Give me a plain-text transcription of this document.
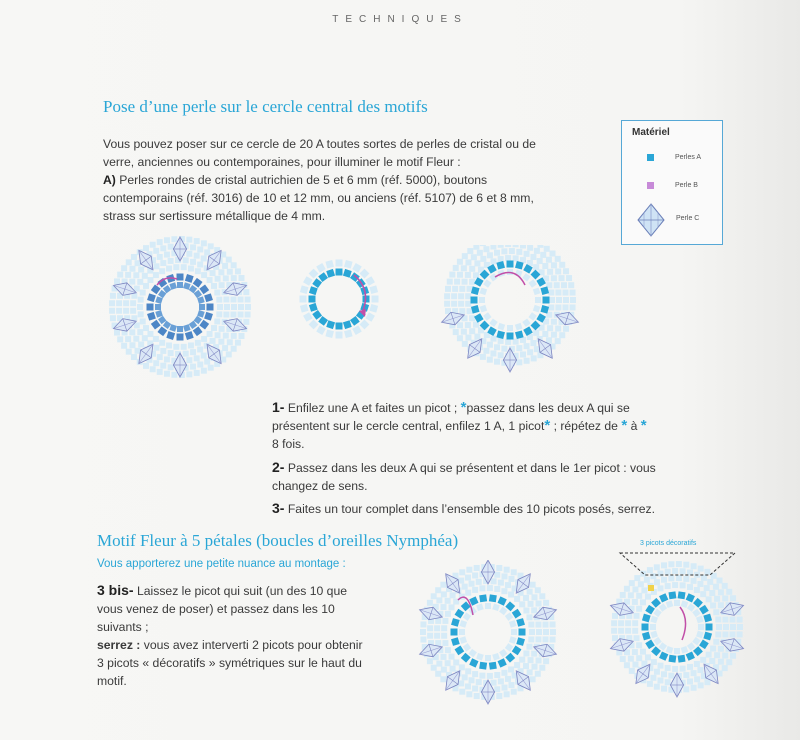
TECHNIQUES
Pose d’une perle sur le cercle central des motifs
Vous pouvez poser sur ce cercle de 20 A toutes sortes de perles de cristal ou de
verre, anciennes ou contemporaines, pour illuminer le motif Fleur :
A) Perles rondes de cristal autrichien de 5 et 6 mm (réf. 5000), boutons
contemporains (réf. 3016) de 10 et 12 mm, ou anciens (réf. 5107) de 6 et 8 mm,
strass sur sertissure métallique de 4 mm.
Matériel
Perles A
Perle B
Perle C
1- Enfilez une A et faites un picot ; *passez dans les deux A qui se
présentent sur le cercle central, enfilez 1 A, 1 picot* ; répétez de * à *
8 fois.
2- Passez dans les deux A qui se présentent et dans le 1er picot : vous
changez de sens.
3- Faites un tour complet dans l’ensemble des 10 picots posés, serrez.
Motif Fleur à 5 pétales (boucles d’oreilles Nymphéa)
Vous apporterez une petite nuance au montage :
3 bis- Laissez le picot qui suit (un des 10 que
vous venez de poser) et passez dans les 10
suivants ;
serrez : vous avez interverti 2 picots pour obtenir
3 picots « décoratifs » symétriques sur le haut du
motif.
3 picots décoratifs
